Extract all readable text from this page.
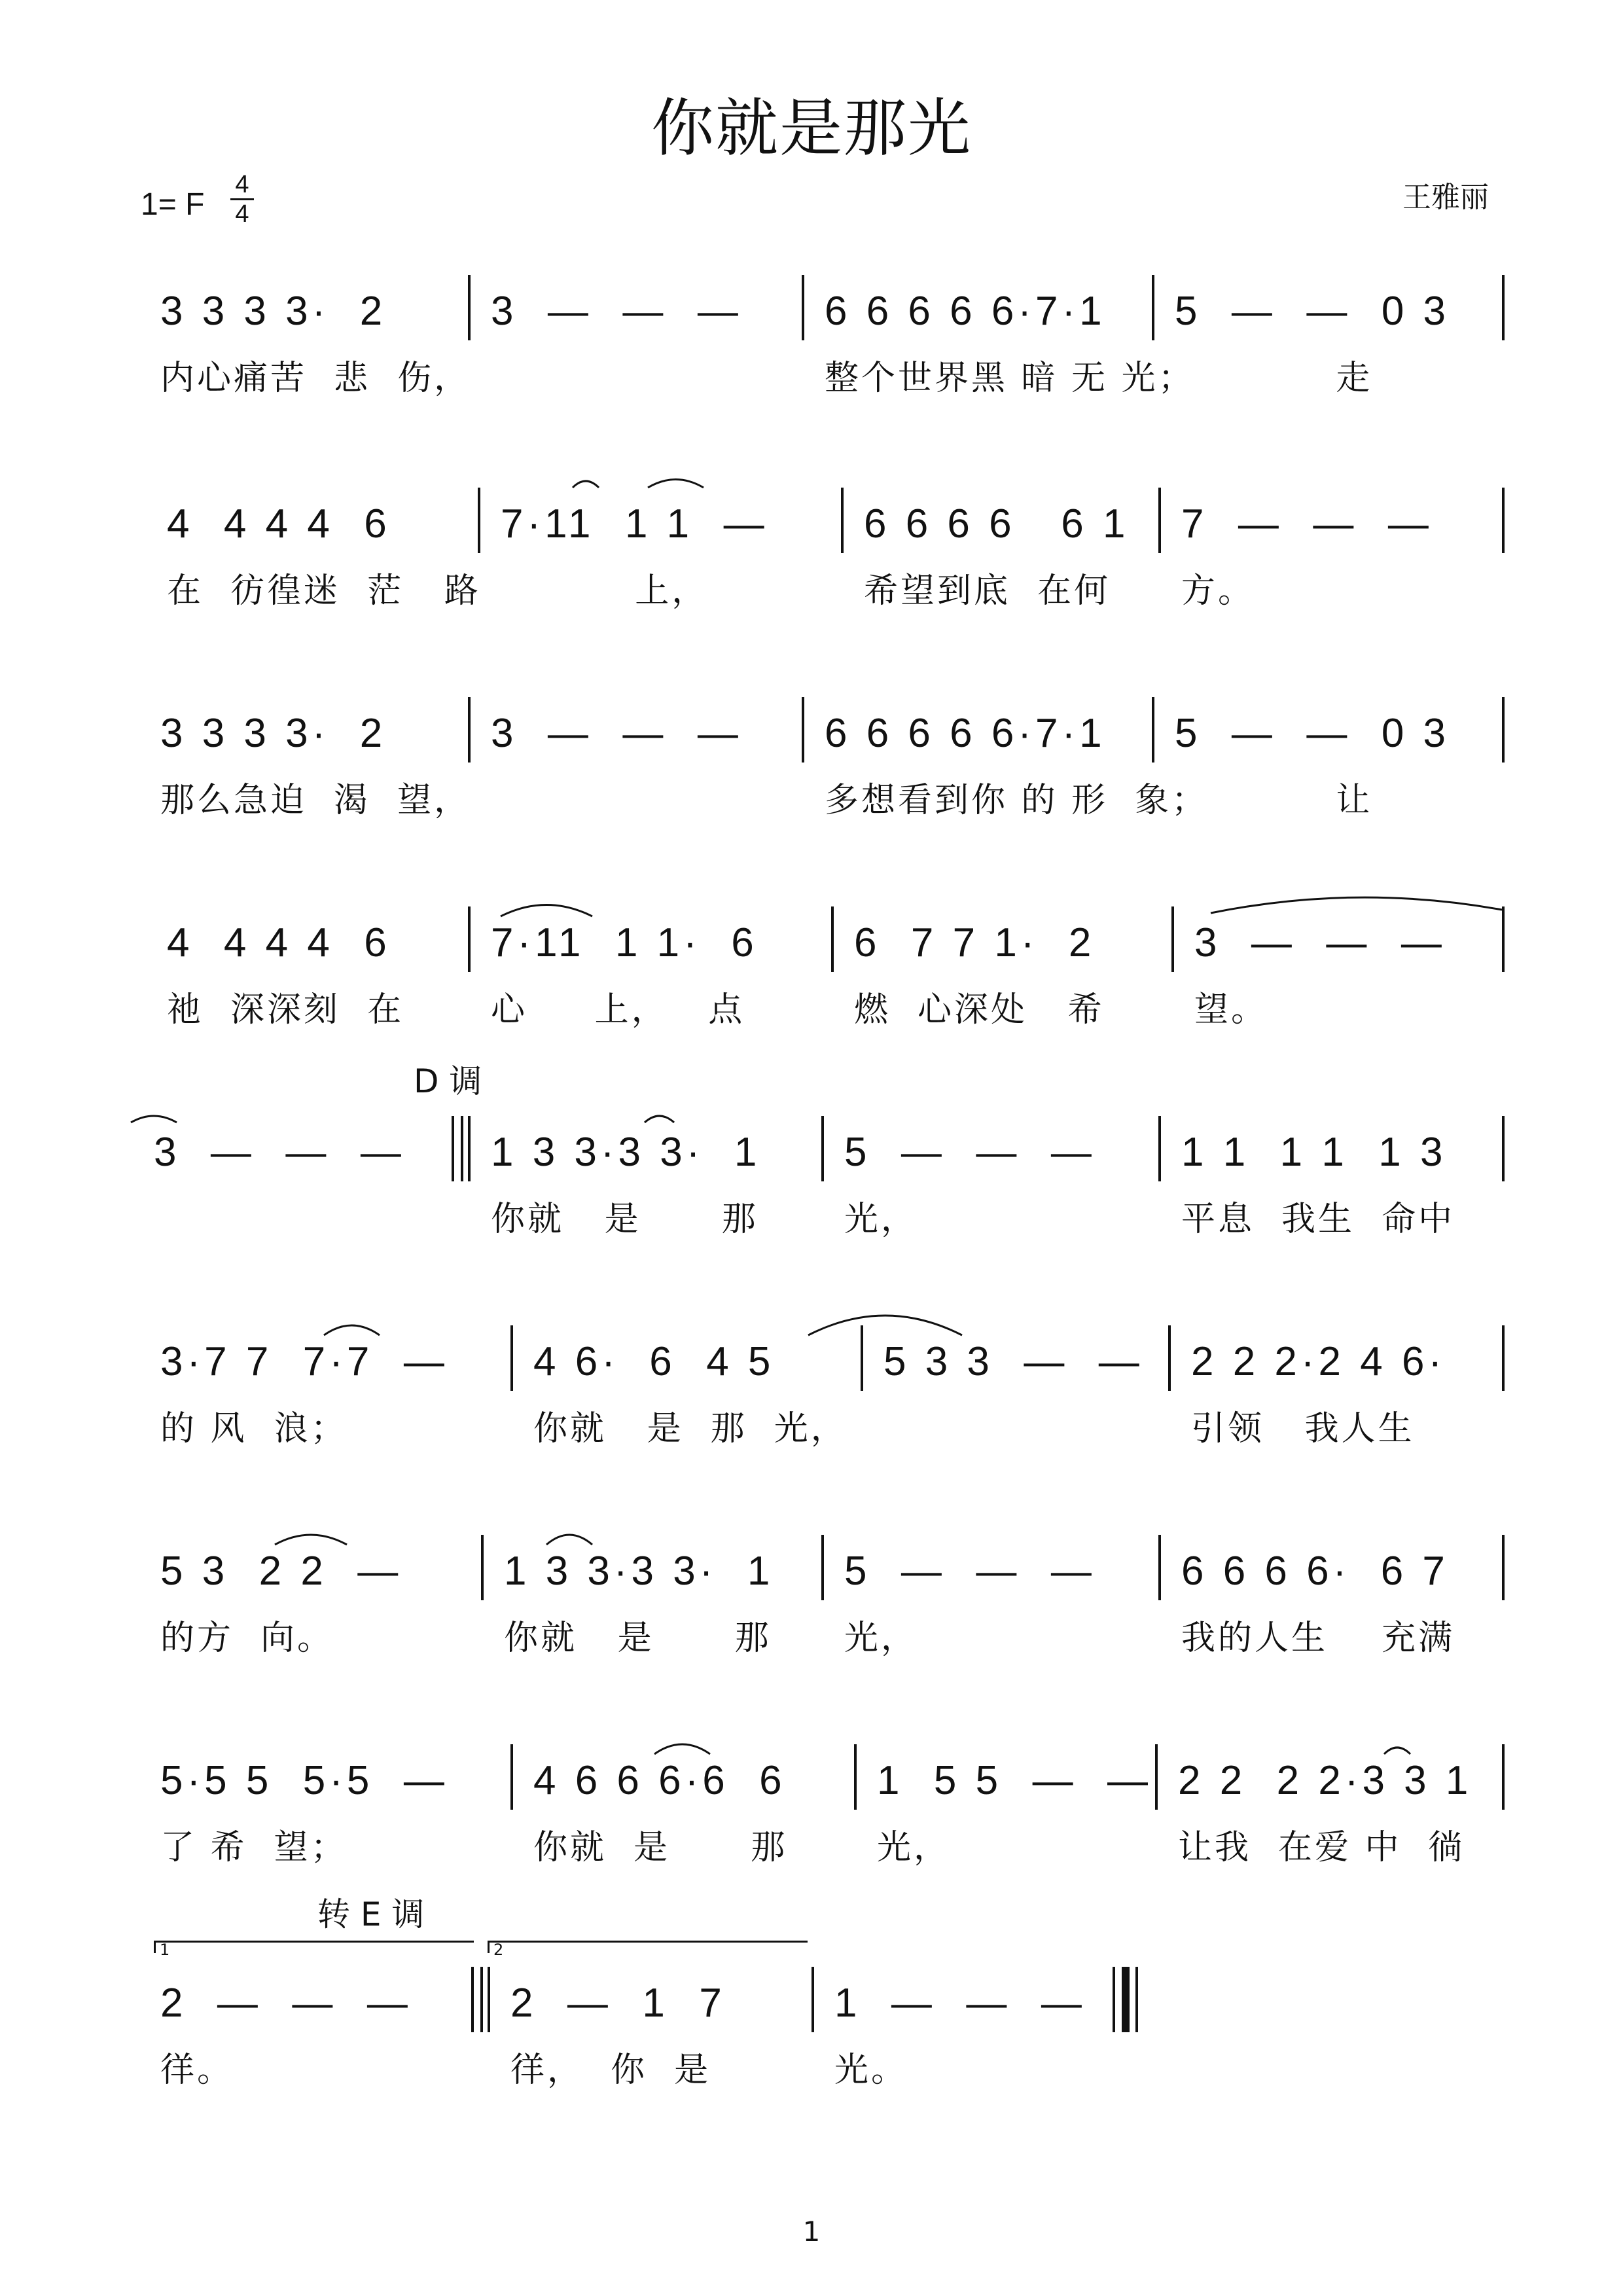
你就是那光
1= F
4
4	王雅丽
3 3 3 3·  2
内心痛苦  悲  伤，
3  —  —  — 6 6 6 6 6·7·1
整个世界黑 暗 无 光；
5  —  —  0 3
走
4  4 4 4  6
在  彷徨迷  茫   路
7·11  1 1  —
上，
6 6 6 6   6 1
希望到底  在何
7  —  —  —
方。
3 3 3 3·  2
那么急迫  渴  望，
3  —  —  — 6 6 6 6 6·7·1
多想看到你 的 形  象；
5  —  —  0 3
让
4  4 4 4  6
祂  深深刻  在
7·11  1 1·  6
心     上，   点
6  7 7 1·  2
燃  心深处   希
3  —  —  —
望。
3  —  —  — 1 3 3·3 3·  1
你就   是      那
5  —  —  —
光，
1 1  1 1  1 3
平息  我生  命中
3·7 7  7·7  —
的 风  浪；
4 6·  6  4 5
你就   是  那  光，
5 3 3  —  — 2 2 2·2 4 6·
引领   我人生
5 3  2 2  —
的方  向。
1 3 3·3 3·  1
你就   是      那
5  —  —  —
光，
6 6 6 6·  6 7
我的人生    充满
5·5 5  5·5  —
了 希  望；
4 6 6 6·6  6
你就  是      那
1  5 5  —  —
光，
2 2  2 2·3 3 1
让我  在爱 中  徜
2  —  —  —
徉。
2  —  1  7
徉，  你  是
1  —  —  —
光。
1	2
D 调
转 E 调
1
